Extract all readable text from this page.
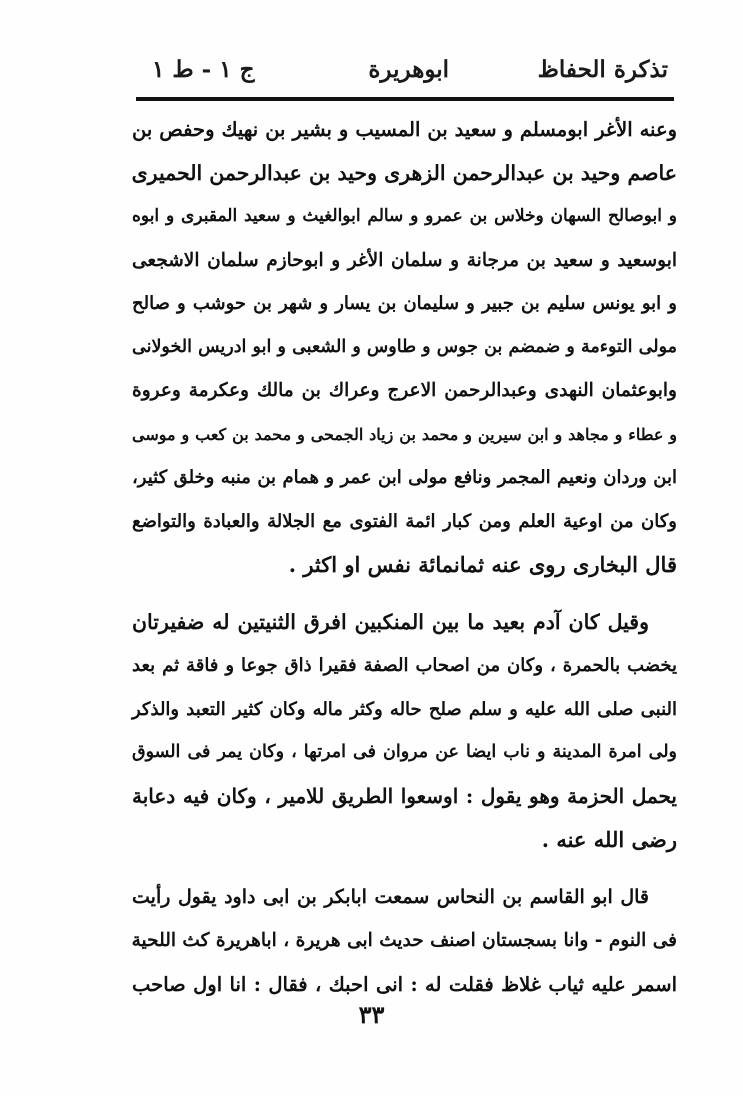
تذكرة الحفاظ
ابوهريرة
ج ١ - ط ١
وعنه الأغر ابومسلم و سعيد بن المسيب و بشير بن نهيك وحفص بن
عاصم وحيد بن عبدالرحمن الزهرى وحيد بن عبدالرحمن الحميرى
و ابوصالح السهان وخلاس بن عمرو و سالم ابوالغيث و سعيد المقبرى و ابوه
ابوسعيد و سعيد بن مرجانة و سلمان الأغر و ابوحازم سلمان الاشجعى
و ابو يونس سليم بن جبير و سليمان بن يسار و شهر بن حوشب و صالح
مولى التوءمة و ضمضم بن جوس و طاوس و الشعبى و ابو ادريس الخولانى
وابوعثمان النهدى وعبدالرحمن الاعرج وعراك بن مالك وعكرمة وعروة
و عطاء و مجاهد و ابن سيرين و محمد بن زياد الجمحى و محمد بن كعب و موسى
ابن وردان ونعيم المجمر ونافع مولى ابن عمر و همام بن منبه وخلق كثير،
وكان من اوعية العلم ومن كبار ائمة الفتوى مع الجلالة والعبادة والتواضع
قال البخارى روى عنه ثمانمائة نفس او اكثر .
وقيل كان آدم بعيد ما بين المنكبين افرق الثنيتين له ضفيرتان
يخضب بالحمرة ، وكان من اصحاب الصفة فقيرا ذاق جوعا و فاقة ثم بعد
النبى صلى الله عليه و سلم صلح حاله وكثر ماله وكان كثير التعبد والذكر
ولى امرة المدينة و ناب ايضا عن مروان فى امرتها ، وكان يمر فى السوق
يحمل الحزمة وهو يقول : اوسعوا الطريق للامير ، وكان فيه دعابة
رضى الله عنه .
قال ابو القاسم بن النحاس سمعت ابابكر بن ابى داود يقول رأيت
فى النوم - وانا بسجستان اصنف حديث ابى هريرة ، اباهريرة كث اللحية
اسمر عليه ثياب غلاظ فقلت له : انى احبك ، فقال : انا اول صاحب
٣٣
